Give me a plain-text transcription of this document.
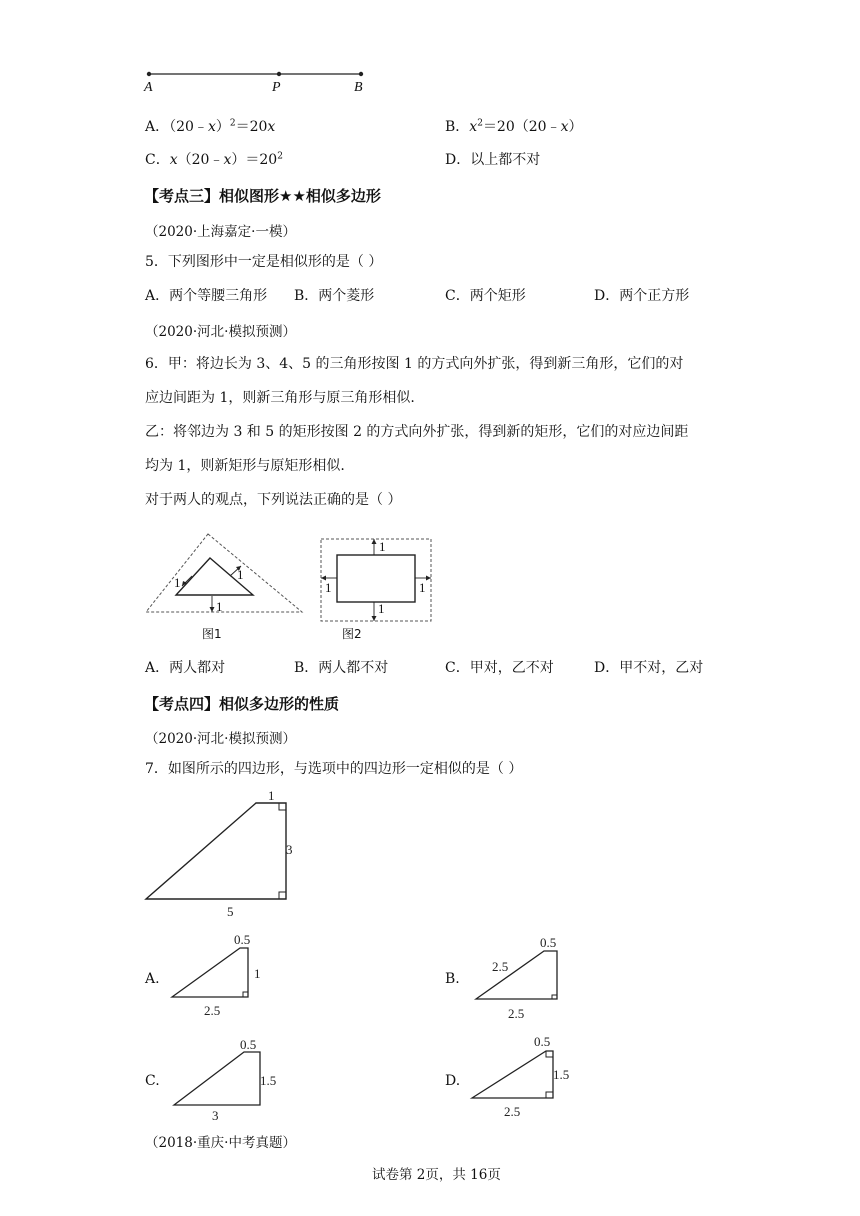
A	P	B
A．（20﹣x）$^2$＝20x	B．$x^2=20(20﹣x)$
C．$x(20﹣x)=20^2$	D．以上都不对
【考点三】相似图形★★相似多边形
（2020·上海嘉定·一模）
5．下列图形中一定是相似形的是（ ）
A．两个等腰三角形 B．两个菱形	C．两个矩形	D．两个正方形
（2020·河北·模拟预测）
6．甲：将边长为 3、4、5 的三角形按图 1 的方式向外扩张，得到新三角形，它们的对
应边间距为 1，则新三角形与原三角形相似.
乙：将邻边为 3 和 5 的矩形按图 2 的方式向外扩张，得到新的矩形，它们的对应边间距
均为 1，则新矩形与原矩形相似.
对于两人的观点，下列说法正确的是（ ）
1
1
1
图1
1
1
1	1
图2
A．两人都对	B．两人都不对	C．甲对，乙不对	D．甲不对，乙对
【考点四】相似多边形的性质
（2020·河北·模拟预测）
7．如图所示的四边形，与选项中的四边形一定相似的是（ ）
1
3
5
A.
0.5
1
2.5
B.
0.5
2.5
2.5
C.
0.5
1.5
3
D.
0.5
1.5
2.5
（2018·重庆·中考真题）
试卷第 2页，共 16页
